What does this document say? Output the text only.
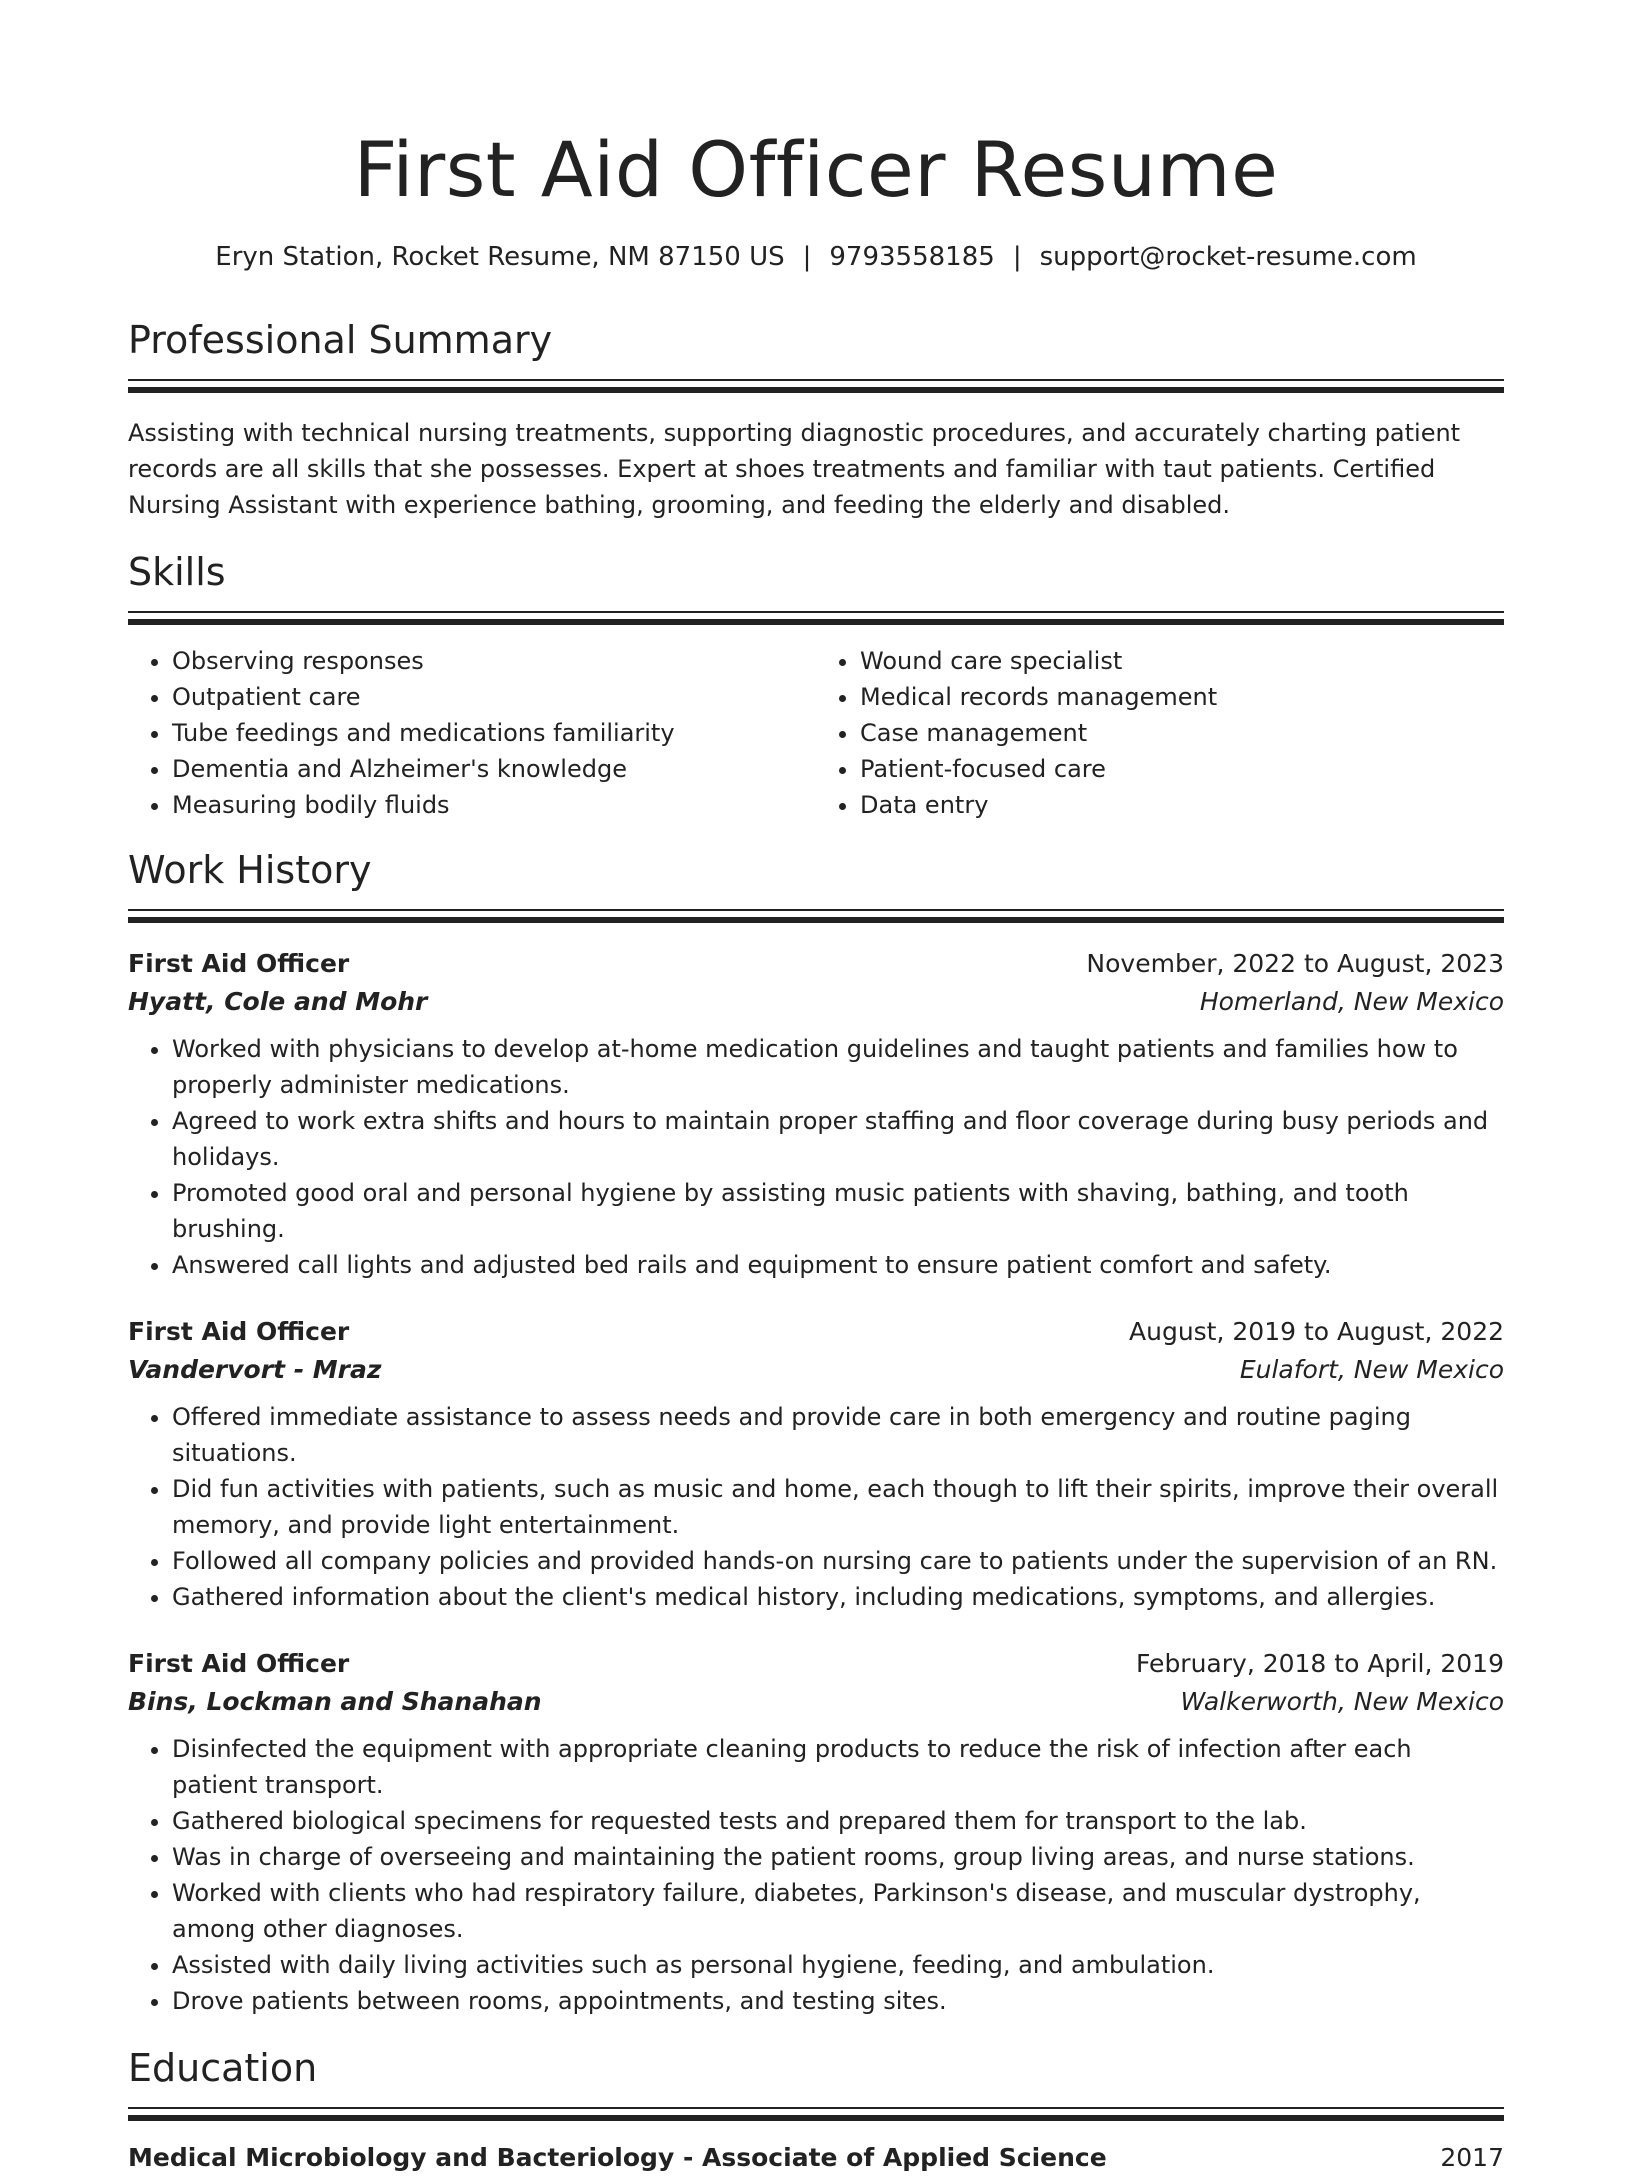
First Aid Officer Resume
Eryn Station, Rocket Resume, NM 87150 US | 9793558185 | support@rocket-resume.com
Professional Summary

Assisting with technical nursing treatments, supporting diagnostic procedures, and accurately charting patient records are all skills that she possesses. Expert at shoes treatments and familiar with taut patients. Certified Nursing Assistant with experience bathing, grooming, and feeding the elderly and disabled.

Skills
• Observing responses
• Outpatient care
• Tube feedings and medications familiarity
• Dementia and Alzheimer's knowledge
• Measuring bodily fluids
• Wound care specialist
• Medical records management
• Case management
• Patient-focused care
• Data entry
Work History
First Aid Officer	November, 2022 to August, 2023
Hyatt, Cole and Mohr	Homerland, New Mexico
• Worked with physicians to develop at-home medication guidelines and taught patients and families how to properly administer medications.
• Agreed to work extra shifts and hours to maintain proper staffing and floor coverage during busy periods and holidays.
• Promoted good oral and personal hygiene by assisting music patients with shaving, bathing, and tooth brushing.
• Answered call lights and adjusted bed rails and equipment to ensure patient comfort and safety.
First Aid Officer	August, 2019 to August, 2022
Vandervort - Mraz	Eulafort, New Mexico
• Offered immediate assistance to assess needs and provide care in both emergency and routine paging situations.
• Did fun activities with patients, such as music and home, each though to lift their spirits, improve their overall memory, and provide light entertainment.
• Followed all company policies and provided hands-on nursing care to patients under the supervision of an RN.
• Gathered information about the client's medical history, including medications, symptoms, and allergies.
First Aid Officer	February, 2018 to April, 2019
Bins, Lockman and Shanahan	Walkerworth, New Mexico
• Disinfected the equipment with appropriate cleaning products to reduce the risk of infection after each patient transport.
• Gathered biological specimens for requested tests and prepared them for transport to the lab.
• Was in charge of overseeing and maintaining the patient rooms, group living areas, and nurse stations.
• Worked with clients who had respiratory failure, diabetes, Parkinson's disease, and muscular dystrophy, among other diagnoses.
• Assisted with daily living activities such as personal hygiene, feeding, and ambulation.
• Drove patients between rooms, appointments, and testing sites.
Education
Medical Microbiology and Bacteriology - Associate of Applied Science	2017
